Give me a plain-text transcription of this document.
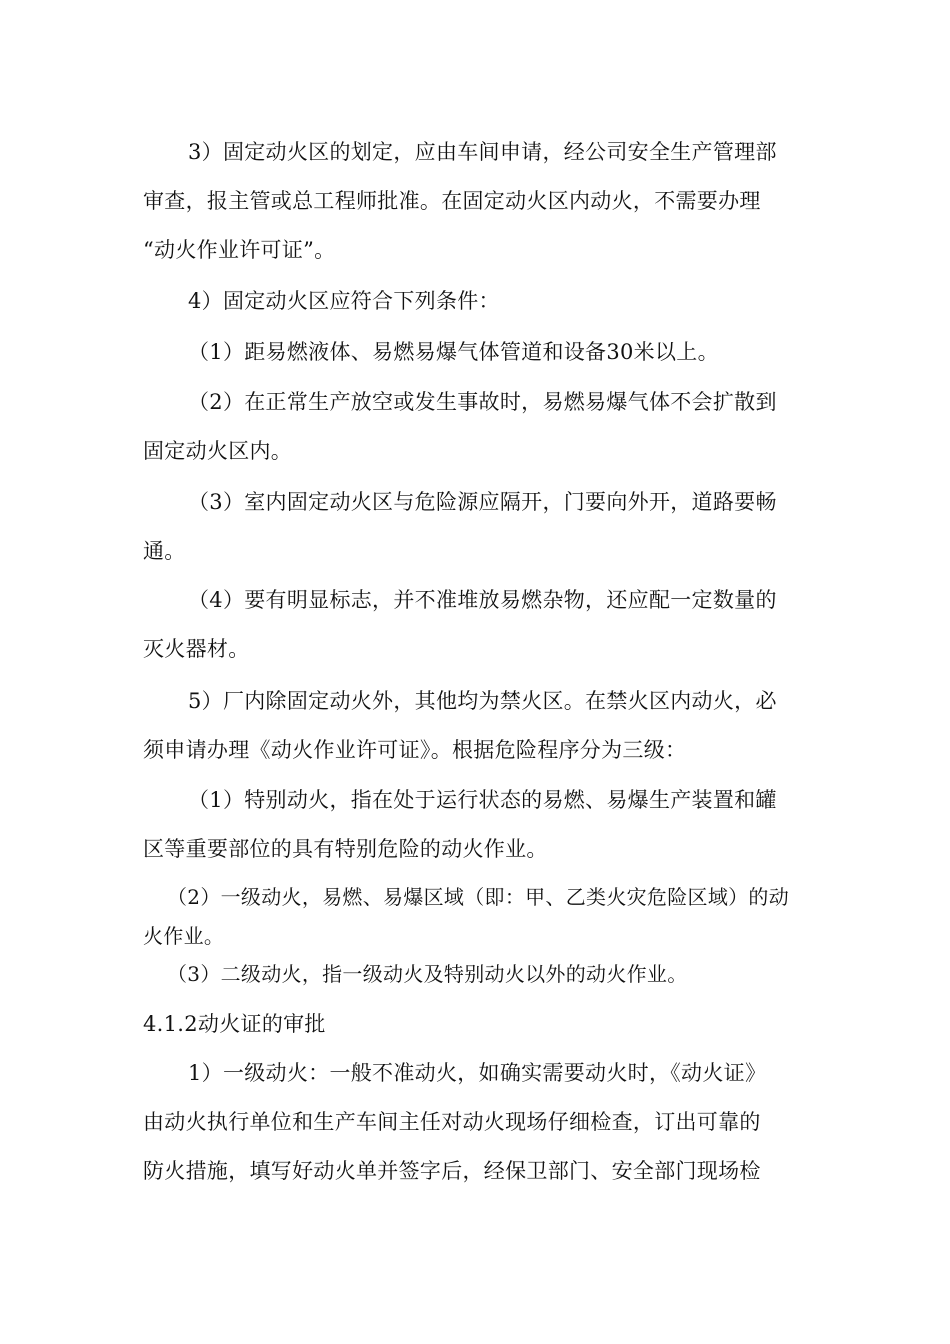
3）固定动火区的划定，应由车间申请，经公司安全生产管理部
审查，报主管或总工程师批准。在固定动火区内动火，不需要办理
“动火作业许可证”。
4）固定动火区应符合下列条件：
（1）距易燃液体、易燃易爆气体管道和设备30米以上。
（2）在正常生产放空或发生事故时，易燃易爆气体不会扩散到
固定动火区内。
（3）室内固定动火区与危险源应隔开，门要向外开，道路要畅
通。
（4）要有明显标志，并不准堆放易燃杂物，还应配一定数量的
灭火器材。
5）厂内除固定动火外，其他均为禁火区。在禁火区内动火，必
须申请办理《动火作业许可证》。根据危险程序分为三级：
（1）特别动火，指在处于运行状态的易燃、易爆生产装置和罐
区等重要部位的具有特别危险的动火作业。
（2）一级动火，易燃、易爆区域（即：甲、乙类火灾危险区域）的动
火作业。
（3）二级动火，指一级动火及特别动火以外的动火作业。
4.1.2动火证的审批
1）一级动火：一般不准动火，如确实需要动火时，《动火证》
由动火执行单位和生产车间主任对动火现场仔细检查，订出可靠的
防火措施，填写好动火单并签字后，经保卫部门、安全部门现场检
